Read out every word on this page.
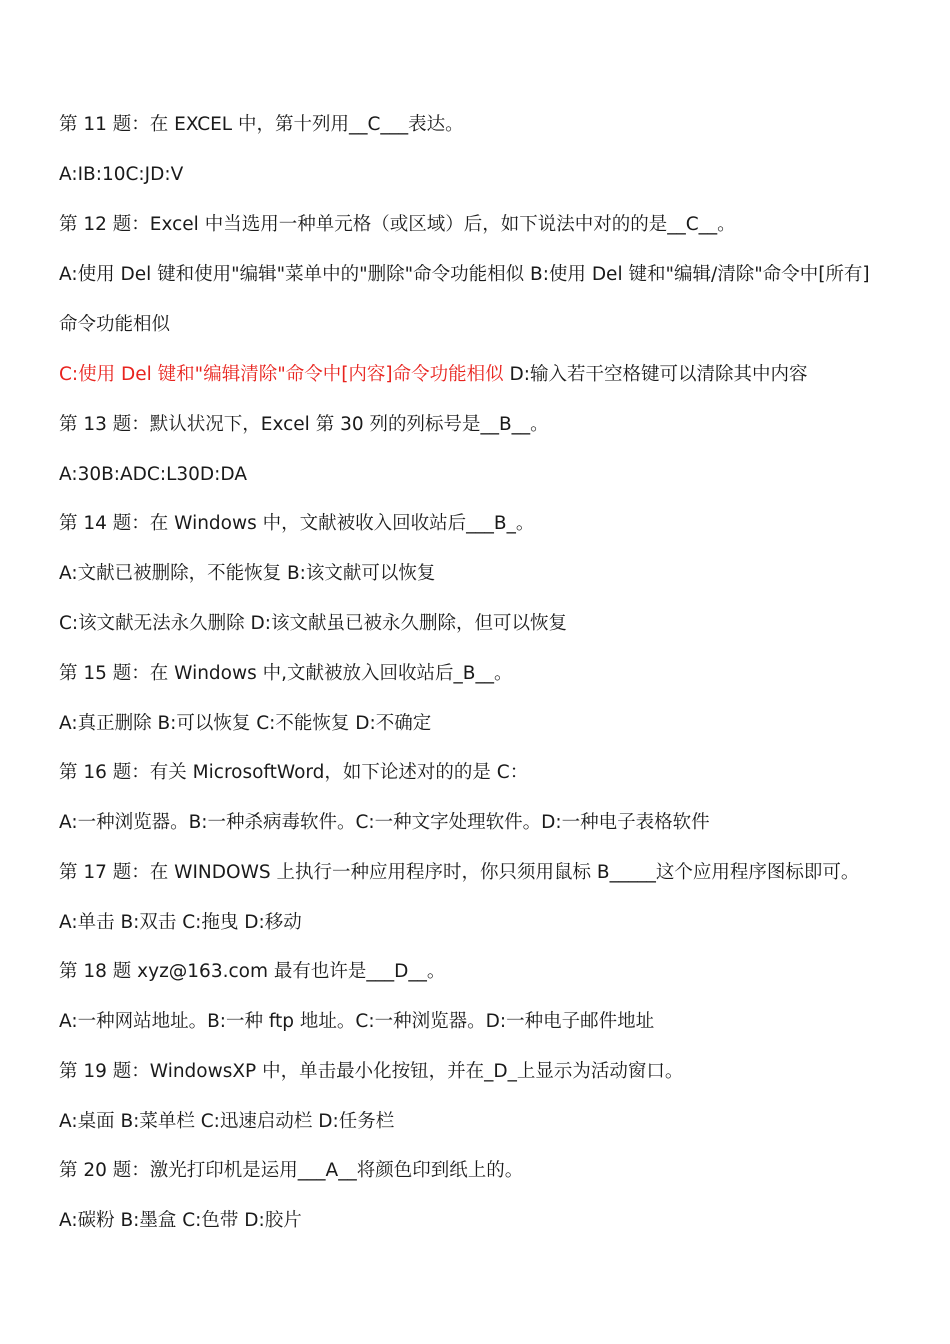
第 11 题：在 EXCEL 中，第十列用__C___表达。

A:IB:10C:JD:V

第 12 题：Excel 中当选用一种单元格（或区域）后，如下说法中对的的是__C__。

A:使用 Del 键和使用"编辑"菜单中的"删除"命令功能相似 B:使用 Del 键和"编辑/清除"命令中[所有]

命令功能相似

C:使用 Del 键和"编辑清除"命令中[内容]命令功能相似 D:输入若干空格键可以清除其中内容

第 13 题：默认状况下，Excel 第 30 列的列标号是__B__。

A:30B:ADC:L30D:DA

第 14 题：在 Windows 中，文献被收入回收站后___B_。

A:文献已被删除，不能恢复 B:该文献可以恢复

C:该文献无法永久删除 D:该文献虽已被永久删除，但可以恢复

第 15 题：在 Windows 中,文献被放入回收站后_B__。

A:真正删除 B:可以恢复 C:不能恢复 D:不确定

第 16 题：有关 MicrosoftWord，如下论述对的的是 C：

A:一种浏览器。B:一种杀病毒软件。C:一种文字处理软件。D:一种电子表格软件

第 17 题：在 WINDOWS 上执行一种应用程序时，你只须用鼠标 B_____这个应用程序图标即可。

A:单击 B:双击 C:拖曳 D:移动

第 18 题 xyz@163.com 最有也许是___D__。

A:一种网站地址。B:一种 ftp 地址。C:一种浏览器。D:一种电子邮件地址

第 19 题：WindowsXP 中，单击最小化按钮，并在_D_上显示为活动窗口。

A:桌面 B:菜单栏 C:迅速启动栏 D:任务栏

第 20 题：激光打印机是运用___A__将颜色印到纸上的。

A:碳粉 B:墨盒 C:色带 D:胶片
